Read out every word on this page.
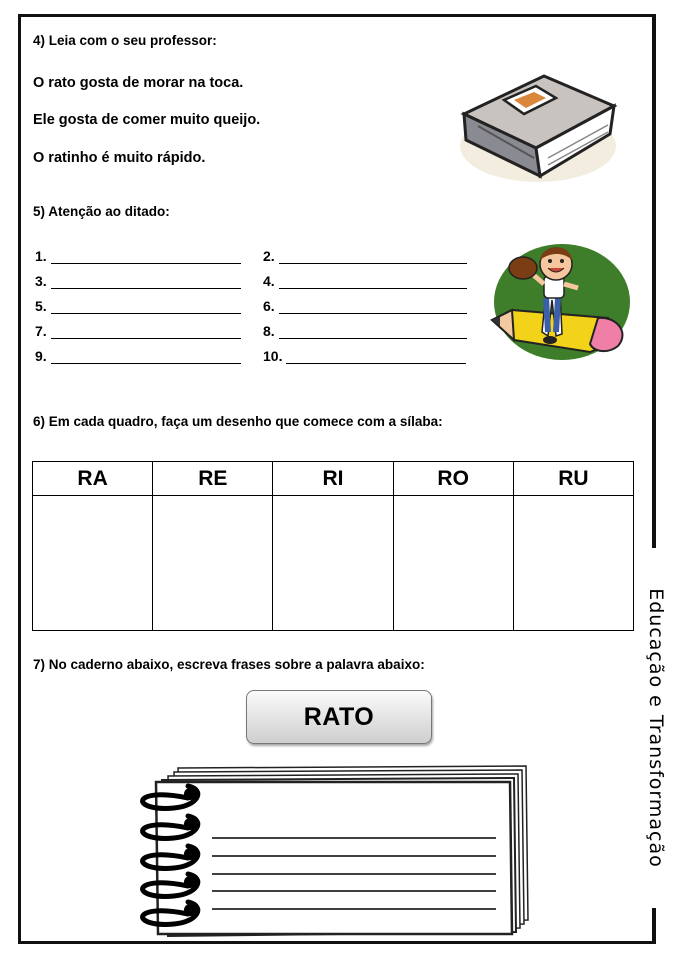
4) Leia com o seu professor:
O rato gosta de morar na toca.
Ele gosta de comer muito queijo.
O ratinho é muito rápido.
5) Atenção ao ditado:
1.	2.
3.	4.
5.	6.
7.	8.
9.	10.
6) Em cada quadro, faça um desenho que comece com a sílaba:
RA	RE	RI	RO	RU

7) No caderno abaixo, escreva frases sobre a palavra abaixo:
RATO	Educação e Transformação
